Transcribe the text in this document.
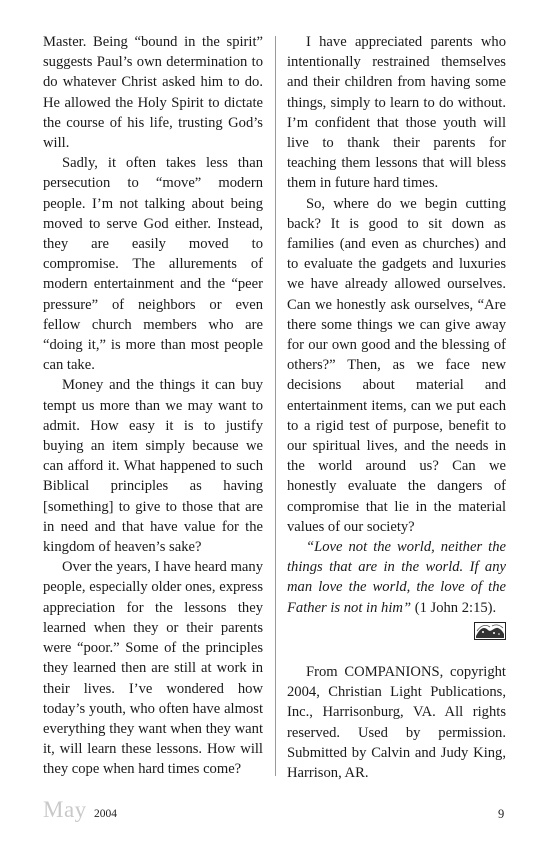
Master. Being “bound in the spirit” suggests Paul’s own determination to do whatever Christ asked him to do. He allowed the Holy Spirit to dictate the course of his life, trusting God’s will.

Sadly, it often takes less than persecution to “move” modern people. I’m not talking about being moved to serve God either. Instead, they are easily moved to compromise. The allurements of modern entertainment and the “peer pressure” of neighbors or even fellow church members who are “doing it,” is more than most people can take.

Money and the things it can buy tempt us more than we may want to admit. How easy it is to justify buying an item simply because we can afford it. What happened to such Biblical principles as having [something] to give to those that are in need and that have value for the kingdom of heaven’s sake?

Over the years, I have heard many people, especially older ones, express appreciation for the lessons they learned when they or their parents were “poor.” Some of the principles they learned then are still at work in their lives. I’ve wondered how today’s youth, who often have almost everything they want when they want it, will learn these lessons. How will they cope when hard times come?

I have appreciated parents who intentionally restrained themselves and their children from having some things, simply to learn to do without. I’m confident that those youth will live to thank their parents for teaching them lessons that will bless them in future hard times.

So, where do we begin cutting back? It is good to sit down as families (and even as churches) and to evaluate the gadgets and luxuries we have already allowed ourselves. Can we honestly ask ourselves, “Are there some things we can give away for our own good and the blessing of others?” Then, as we face new decisions about material and entertainment items, can we put each to a rigid test of purpose, benefit to our spiritual lives, and the needs in the world around us? Can we honestly evaluate the dangers of compromise that lie in the material values of our society?

“Love not the world, neither the things that are in the world. If any man love the world, the love of the Father is not in him” (1 John 2:15).

From COMPANIONS, copyright 2004, Christian Light Publications, Inc., Harrisonburg, VA. All rights reserved. Used by permission. Submitted by Calvin and Judy King, Harrison, AR.

May 2004	9
